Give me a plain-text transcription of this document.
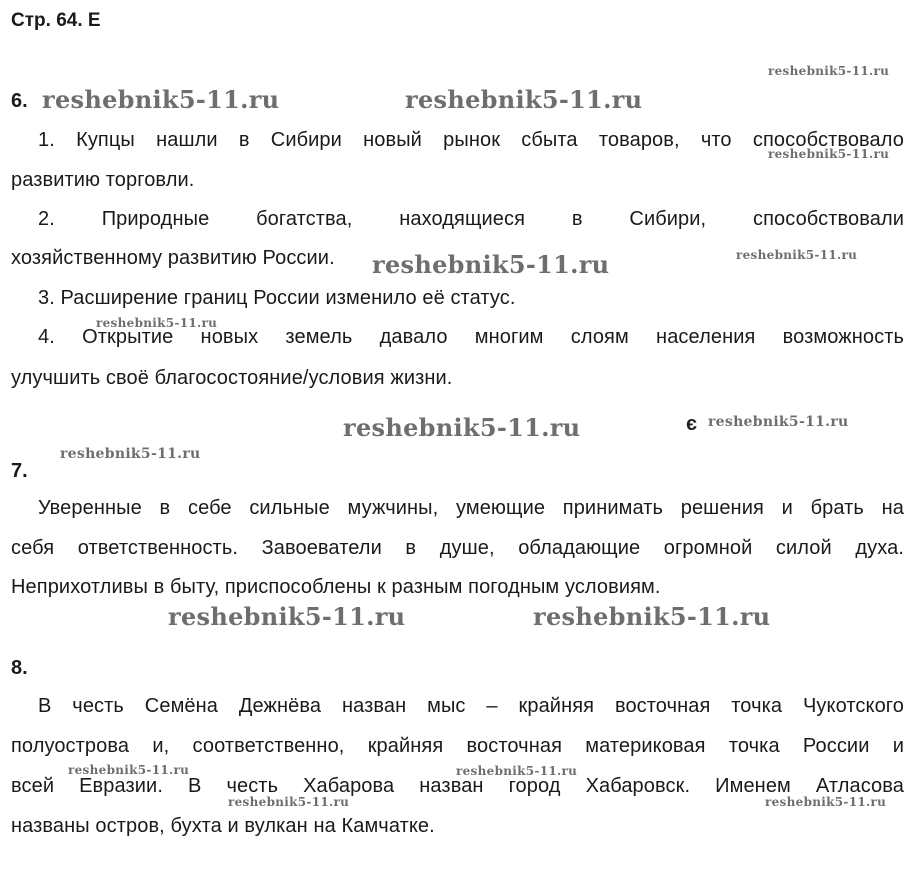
Стр. 64. Е
6.
1. Купцы нашли в Сибири новый рынок сбыта товаров, что способствовало
развитию торговли.
2. Природные богатства, находящиеся в Сибири, способствовали
хозяйственному развитию России.
3. Расширение границ России изменило её статус.
4. Открытие новых земель давало многим слоям населения возможность
улучшить своё благосостояние/условия жизни.
7.
Уверенные в себе сильные мужчины, умеющие принимать решения и брать на
себя ответственность. Завоеватели в душе, обладающие огромной силой духа.
Неприхотливы в быту, приспособлены к разным погодным условиям.
8.
В честь Семёна Дежнёва назван мыс – крайняя восточная точка Чукотского
полуострова и, соответственно, крайняя восточная материковая точка России и
всей Евразии. В честь Хабарова назван город Хабаровск. Именем Атласова
названы остров, бухта и вулкан на Камчатке.
reshebnik5-11.ru
reshebnik5-11.ru	reshebnik5-11.ru
reshebnik5-11.ru
reshebnik5-11.ru
reshebnik5-11.ru
reshebnik5-11.ru
reshebnik5-11.ru	є reshebnik5-11.ru
reshebnik5-11.ru
reshebnik5-11.ru	reshebnik5-11.ru
reshebnik5-11.ru	reshebnik5-11.ru
reshebnik5-11.ru	reshebnik5-11.ru
